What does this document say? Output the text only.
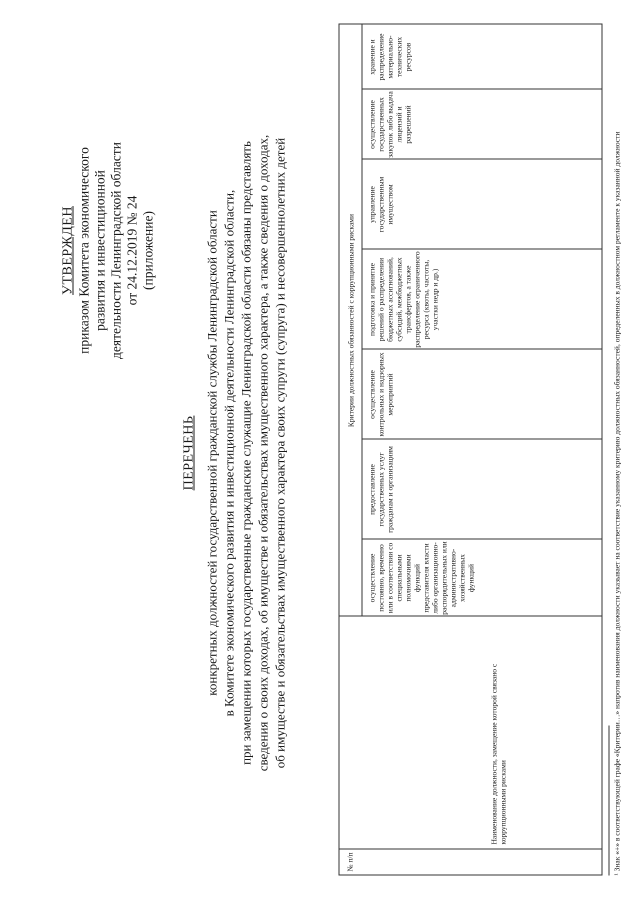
УТВЕРЖДЕН приказом Комитета экономического развития и инвестиционной деятельности Ленинградской области от 24.12.2019 № 24 (приложение)
ПЕРЕЧЕНЬ конкретных должностей государственной гражданской службы Ленинградской области в Комитете экономического развития и инвестиционной деятельности Ленинградской области, при замещении которых государственные гражданские служащие Ленинградской области обязаны представлять сведения о своих доходах, об имуществе и обязательствах имущественного характера, а также сведения о доходах, об имуществе и обязательствах имущественного характера своих супруги (супруга) и несовершеннолетних детей
№ п/п
Наименование должности, замещение которой связано с коррупционными рисками
Критерии должностных обязанностей с коррупционными рисками
осуществление постоянно, временно или в соответствии со специальными полномочиями функций представителя власти либо организационно-распорядительных или административно-хозяйственных функций
предоставление государственных услуг гражданам и организациям
осуществление контрольных и надзорных мероприятий
подготовка и принятие решений о распределении бюджетных ассигнований, субсидий, межбюджетных трансфертов, а также распределение ограниченного ресурса (квоты, частоты, участки недр и др.)
управление государственным имуществом
осуществление государственных закупок либо выдача лицензий и разрешений
хранение и распределение материально-технических ресурсов
¹ Знак «+» в соответствующей графе «Критерии…» напротив наименования должности указывает на соответствие указанному критерию должностных обязанностей, определенных в должностном регламенте к указанной должности
